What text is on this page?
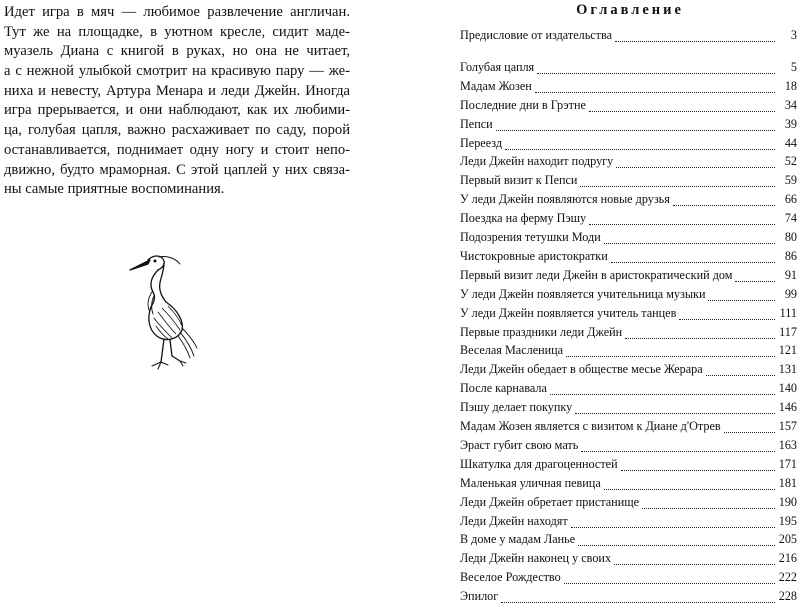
Идет игра в мяч — любимое развлечение англичан.
Тут же на площадке, в уютном кресле, сидит маде-
муазель Диана с книгой в руках, но она не читает,
а с нежной улыбкой смотрит на красивую пару — же-
ниха и невесту, Артура Менара и леди Джейн. Иногда
игра прерывается, и они наблюдают, как их любими-
ца, голубая цапля, важно расхаживает по саду, порой
останавливается, поднимает одну ногу и стоит непо-
движно, будто мраморная. С этой цаплей у них связа-
ны самые приятные воспоминания.

Оглавление
Предисловие от издательства	3
Голубая цапля	5
Мадам Жозен	18
Последние дни в Грэтне	34
Пепси	39
Переезд	44
Леди Джейн находит подругу	52
Первый визит к Пепси	59
У леди Джейн появляются новые друзья	66
Поездка на ферму Пэшу	74
Подозрения тетушки Моди	80
Чистокровные аристократки	86
Первый визит леди Джейн в аристократический дом	91
У леди Джейн появляется учительница музыки	99
У леди Джейн появляется учитель танцев	111
Первые праздники леди Джейн	117
Веселая Масленица	121
Леди Джейн обедает в обществе месье Жерара	131
После карнавала	140
Пэшу делает покупку	146
Мадам Жозен является с визитом к Диане д'Отрев	157
Эраст губит свою мать	163
Шкатулка для драгоценностей	171
Маленькая уличная певица	181
Леди Джейн обретает пристанище	190
Леди Джейн находят	195
В доме у мадам Ланье	205
Леди Джейн наконец у своих	216
Веселое Рождество	222
Эпилог	228
